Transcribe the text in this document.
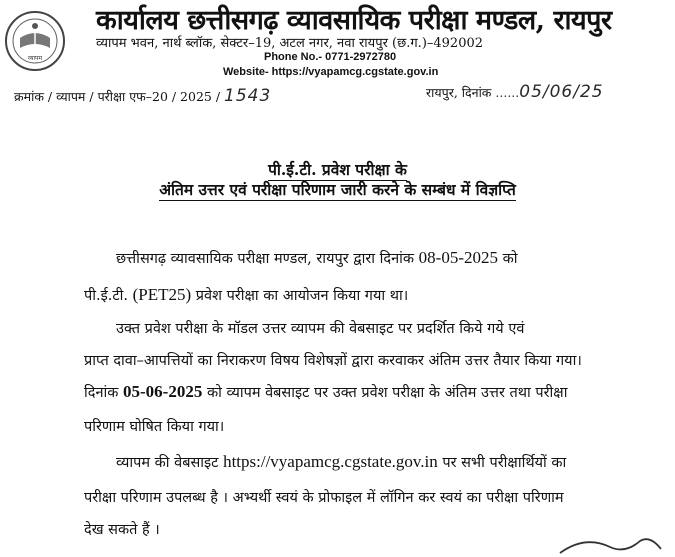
व्यापम
कार्यालय छत्तीसगढ़ व्यावसायिक परीक्षा मण्डल, रायपुर
व्यापम भवन, नार्थ ब्लॉक, सेक्टर–19, अटल नगर, नवा रायपुर (छ.ग.)–492002
Phone No.- 0771-2972780
Website- https://vyapamcg.cgstate.gov.in
क्रमांक / व्यापम / परीक्षा एफ–20 / 2025 / 1543	रायपुर, दिनांक ......05/06/25
पी.ई.टी. प्रवेश परीक्षा के
अंतिम उत्तर एवं परीक्षा परिणाम जारी करने के सम्बंध में विज्ञप्ति
छत्तीसगढ़ व्यावसायिक परीक्षा मण्डल, रायपुर द्वारा दिनांक 08-05-2025 को
पी.ई.टी. (PET25) प्रवेश परीक्षा का आयोजन किया गया था।
उक्त प्रवेश परीक्षा के मॉडल उत्तर व्यापम की वेबसाइट पर प्रदर्शित किये गये एवं
प्राप्त दावा–आपत्तियों का निराकरण विषय विशेषज्ञों द्वारा करवाकर अंतिम उत्तर तैयार किया गया।
दिनांक 05-06-2025 को व्यापम वेबसाइट पर उक्त प्रवेश परीक्षा के अंतिम उत्तर तथा परीक्षा
परिणाम घोषित किया गया।
व्यापम की वेबसाइट https://vyapamcg.cgstate.gov.in पर सभी परीक्षार्थियों का
परीक्षा परिणाम उपलब्ध है । अभ्यर्थी स्वयं के प्रोफाइल में लॉगिन कर स्वयं का परीक्षा परिणाम
देख सकते हैं ।
